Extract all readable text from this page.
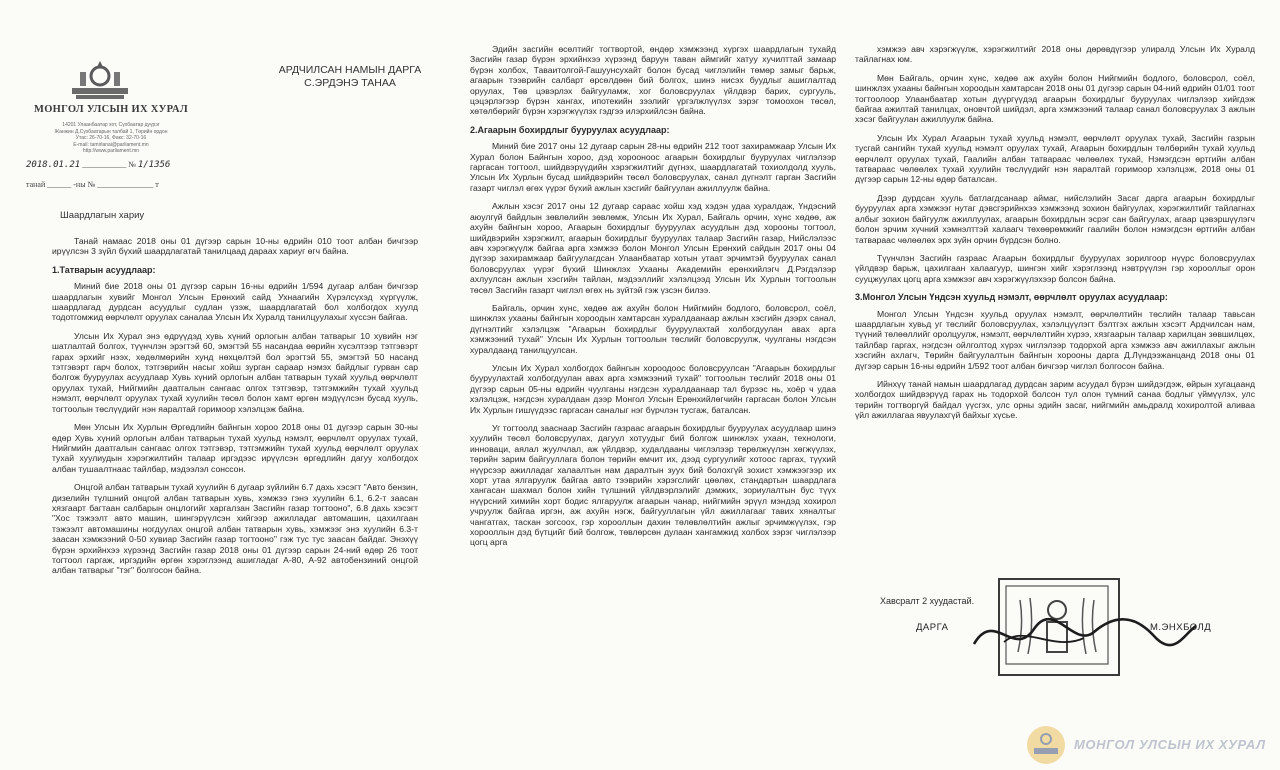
МОНГОЛ УЛСЫН ИХ ХУРАЛ
14201 Улаанбаатар хот, Сүхбаатар дүүрэг
Жанжин Д.Сүхбаатарын талбай 1, Төрийн ордон
Утас: 26-70-16, Факс: 32-70-16
E-mail: tamirlanai@parliament.mn
http://www.parliament.mn
2018.01.21 ___________ № 1/1356
танай ______ -ны № ______________ т
АРДЧИЛСАН НАМЫН ДАРГА
С.ЭРДЭНЭ ТАНАА
Шаардлагын хариу

Танай намаас 2018 оны 01 дүгээр сарын 10-ны өдрийн 010 тоот албан бичгээр ирүүлсэн 3 зүйл бүхий шаардлагатай танилцаад дараах хариуг өгч байна.

1.Татварын асуудлаар:

Миний бие 2018 оны 01 дүгээр сарын 16-ны өдрийн 1/594 дугаар албан бичгээр шаардлагын хувийг Монгол Улсын Ерөнхий сайд Ухнаагийн Хүрэлсүхэд хүргүүлж, шаардлагад дурдсан асуудлыг судлан үзэж, шаардлагатай бол холбогдох хуулд тодотгомжид өөрчлөлт оруулах саналаа Улсын Их Хуралд танилцуулахыг хүссэн байгаа.

Улсын Их Хурал энэ өдрүүдэд хувь хүний орлогын албан татварыг 10 хувийн нэг шатлалтай болгох, түүнчлэн эрэгтэй 60, эмэгтэй 55 насандаа өөрийн хүсэлтээр тэтгэвэрт гарах эрхийг нээх, хөдөлмөрийн хунд нөхцөлтэй бол эрэгтэй 55, эмэгтэй 50 насанд тэтгэвэрт гарч болох, тэтгэврийн насыг хойш зурган сараар нэмэх байдлыг гурван сар болгож бууруулах асуудлаар Хувь хүний орлогын албан татварын тухай хуульд өөрчлөлт оруулах тухай, Нийгмийн даатгалын сангаас олгох тэтгэвэр, тэтгэмжийн тухай хуульд нэмэлт, өөрчлөлт оруулах тухай хуулийн төсөл болон хамт өргөн мэдүүлсэн бусад хууль, тогтоолын төслүүдийг нэн яаралтай горимоор хэлэлцэж байна.

Мөн Улсын Их Хурлын Өргөдлийн байнгын хороо 2018 оны 01 дүгээр сарын 30-ны өдөр Хувь хүний орлогын албан татварын тухай хуульд нэмэлт, өөрчлөлт оруулах тухай, Нийгмийн даатгалын сангаас олгох тэтгэвэр, тэтгэмжийн тухай хуульд өөрчлөлт оруулах тухай хуулиудын хэрэгжилтийн талаар иргэдээс ирүүлсэн өргөдлийн дагуу холбогдох албан тушаалтнаас тайлбар, мэдээлэл сонссон.

Онцгой албан татварын тухай хуулийн 6 дугаар зүйлийн 6.7 дахь хэсэгт "Авто бензин, дизелийн түлшний онцгой албан татварын хувь, хэмжээ гэнэ хуулийн 6.1, 6.2-т заасан хязгаарт багтаан салбарын онцлогийг харгалзан Засгийн газар тогтооно", 6.8 дахь хэсэгт "Хос тэжээлт авто машин, шингэрүүлсэн хийгээр ажилладаг автомашин, цахилгаан тэжээлт автомашины ногдуулах онцгой албан татварын хувь, хэмжээг энэ хуулийн 6.3-т заасан хэмжээний 0-50 хувиар Засгийн газар тогтооно" гэж тус тус заасан байдаг. Энэхүү бүрэн эрхийнхээ хүрээнд Засгийн газар 2018 оны 01 дүгээр сарын 24-ний өдөр 26 тоот тогтоол гаргаж, иргэдийн өргөн хэрэглээнд ашигладаг А-80, А-92 автобензиний онцгой албан татварыг "тэг" болгосон байна.

Эдийн засгийн өсөлтийг тогтвортой, өндөр хэмжээнд хүргэх шаардлагын тухайд Засгийн газар бүрэн эрхийнхээ хүрээнд баруун таван аймгийг хатуу хучилттай замаар бүрэн холбох, Таваитолгой-Гашуунсухайт болон бусад чиглэлийн төмөр замыг барьж, агаарын тээврийн салбарт өрсөлдөөн бий болгох, шинэ нисэх буудлыг ашиглалтад оруулах, Төв цэвэрлэх байгууламж, хог боловсруулах үйлдвэр барих, сургууль, цэцэрлэгээр бүрэн хангах, ипотекийн зээлийг үргэлжлүүлэх зэрэг томоохон төсөл, хөтөлбөрийг бүрэн хэрэгжүүлэх гэдгээ илэрхийлсэн байна.

2.Агаарын бохирдлыг бууруулах асуудлаар:

Миний бие 2017 оны 12 дугаар сарын 28-ны өдрийн 212 тоот захирамжаар Улсын Их Хурал болон Байнгын хороо, дэд хорооноос агаарын бохирдлыг бууруулах чиглэлээр гаргасан тогтоол, шийдвэрүүдийн хэрэгжилтийг дүгнэх, шаардлагатай тохиолдолд хууль, Улсын Их Хурлын бусад шийдвэрийн төсөл боловсруулах, санал дүгнэлт гарган Засгийн газарт чиглэл өгөх үүрэг бүхий ажлын хэсгийг байгуулан ажиллуулж байна.

Ажлын хэсэг 2017 оны 12 дугаар сараас хойш хэд хэдэн удаа хуралдаж, Үндэсний аюулгүй байдлын зөвлөлийн зөвлөмж, Улсын Их Хурал, Байгаль орчин, хүнс хөдөө, аж ахуйн байнгын хороо, Агаарын бохирдлыг бууруулах асуудлын дэд хорооны тогтоол, шийдвэрийн хэрэгжилт, агаарын бохирдлыг бууруулах талаар Засгийн газар, Нийслэлээс авч хэрэгжүүлж байгаа арга хэмжээ болон Монгол Улсын Ерөнхий сайдын 2017 оны 04 дүгээр захирамжаар байгуулагдсан Улаанбаатар хотын утаат эрчимтэй бууруулах санал боловсруулах үүрэг бүхий Шинжлэх Ухааны Академийн ерөнхийлэгч Д.Рэгдэлээр ахлуулсан ажлын хэсгийн тайлан, мэдээллийг хэлэлцээд Улсын Их Хурлын тогтоолын төсөл Засгийн газарт чиглэл өгөх нь зүйтэй гэж үзсэн билээ.

Байгаль, орчин хүнс, хөдөө аж ахуйн болон Нийгмийн бодлого, боловсрол, соёл, шинжлэх ухааны байнгын хороодын хамтарсан хуралдаанаар ажлын хэсгийн дээрх санал, дүгнэлтийг хэлэлцэж "Агаарын бохирдлыг бууруулахтай холбогдуулан авах арга хэмжээний тухай" Улсын Их Хурлын тогтоолын төслийг боловсруулж, чуулганы нэгдсэн хуралдаанд танилцуулсан.

Улсын Их Хурал холбогдох байнгын хороодоос боловсруулсан "Агаарын бохирдлыг бууруулахтай холбогдуулан авах арга хэмжээний тухай" тогтоолын төслийг 2018 оны 01 дүгээр сарын 05-ны өдрийн чуулганы нэгдсэн хуралдаанаар тал бүрээс нь, хоёр ч удаа хэлэлцэж, нэгдсэн хуралдаан дээр Монгол Улсын Ерөнхийлөгчийн гаргасан болон Улсын Их Хурлын гишүүдээс гаргасан саналыг нэг бүрчлэн тусгаж, баталсан.

Уг тогтоолд зааснаар Засгийн газраас агаарын бохирдлыг бууруулах асуудлаар шинэ хуулийн төсөл боловсруулах, дагуул хотуудыг бий болгож шинжлэх ухаан, технологи, инноваци, аялал жуулчлал, аж үйлдвэр, худалдааны чиглэлээр төрөлжүүлэн хөгжүүлэх, төрийн зарим байгууллага болон төрийн өмчит их, дээд сургуулийг хотоос гаргах, түүхий нүүрсээр ажилладаг халаалтын нам даралтын зуух бий болохгүй зохист хэмжээгээр их хорт утаа ялгаруулж байгаа авто тээврийн хэрэгслийг цөөлөх, стандартын шаардлага хангасан шахмал болон хийн түлшний үйлдвэрлэлийг дэмжих, зориулалтын бус түүх нүүрсний химийн хорт бодис ялгаруулж агаарын чанар, нийгмийн эрүүл мэндэд хохирол учруулж байгаа иргэн, аж ахуйн нэгж, байгууллагын үйл ажиллагааг тавих хяналтыг чангатгах, таскан зогсоох, гэр хорооллын дахин төлөвлөлтийн ажлыг эрчимжүүлэх, гэр хорооллын дэд бүтцийг бий болгож, төвлөрсөн дулаан хангамжид холбох зэрэг чиглэлээр цогц арга

хэмжээ авч хэрэгжүүлж, хэрэгжилтийг 2018 оны дөрөвдүгээр улиралд Улсын Их Хуралд тайлагнах юм.

Мөн Байгаль, орчин хүнс, хөдөө аж ахуйн болон Нийгмийн бодлого, боловсрол, соёл, шинжлэх ухааны байнгын хороодын хамтарсан 2018 оны 01 дүгээр сарын 04-ний өдрийн 01/01 тоот тогтоолоор Улаанбаатар хотын дүүргүүдэд агаарын бохирдлыг бууруулах чиглэлээр хийгдэж байгаа ажилтай танилцах, оновчтой шийдэл, арга хэмжээний талаар санал боловсруулах 3 ажлын хэсэг байгуулан ажиллуулж байна.

Улсын Их Хурал Агаарын тухай хуульд нэмэлт, өөрчлөлт оруулах тухай, Засгийн газрын тусгай сангийн тухай хуульд нэмэлт оруулах тухай, Агаарын бохирдлын төлбөрийн тухай хуульд өөрчлөлт оруулах тухай, Гаалийн албан татвараас чөлөөлөх тухай, Нэмэгдсэн өртгийн албан татвараас чөлөөлөх тухай хуулийн төслүүдийг нэн яаралтай горимоор хэлэлцэж, 2018 оны 01 дүгээр сарын 12-ны өдөр баталсан.

Дээр дурдсан хууль батлагдсанаар аймаг, нийслэлийн Засаг дарга агаарын бохирдлыг бууруулах арга хэмжээг нутаг дэвсгэрийнхээ хэмжээнд зохион байгуулах, хэрэгжилтийг тайлагнах албыг зохион байгуулж ажиллуулах, агаарын бохирдлын эсрэг сан байгуулах, агаар цэвэршүүлэгч болон эрчим хүчний хэмнэлттэй халаагч төхөөрөмжийг гаалийн болон нэмэгдсэн өртгийн албан татвараас чөлөөлөх эрх зүйн орчин бүрдсэн болно.

Түүнчлэн Засгийн газраас Агаарын бохирдлыг бууруулах зорилгоор нүүрс боловсруулах үйлдвэр барьж, цахилгаан халаагуур, шингэн хийг хэрэглээнд нэвтрүүлэн гэр хорооллыг орон сууцжуулах цогц арга хэмжээг авч хэрэгжүүлэхээр болсон байна.

3.Монгол Улсын Үндсэн хуульд нэмэлт, өөрчлөлт оруулах асуудлаар:

Монгол Улсын Үндсэн хуульд оруулах нэмэлт, өөрчлөлтийн төслийн талаар тавьсан шаардлагын хувьд уг төслийг боловсруулах, хэлэлцүүлэгт бэлтгэх ажлын хэсэгт Ардчилсан нам, түүний төлөөллийг оролцуулж, нэмэлт, өөрчлөлтийн хүрээ, хязгаарын талаар харилцан зөвшилцөх, тайлбар гаргах, нэгдсэн ойлголтод хүрэх чиглэлээр тодорхой арга хэмжээ авч ажиллахыг ажлын хэсгийн ахлагч, Төрийн байгуулалтын байнгын хорооны дарга Д.Лүндээжанцанд 2018 оны 01 дүгээр сарын 16-ны өдрийн 1/592 тоот албан бичгээр чиглэл болгосон байна.

Ийнхүү танай намын шаардлагад дурдсан зарим асуудал бүрэн шийдэгдэж, өйрын хугацаанд холбогдох шийдвэрүүд гарах нь тодорхой болсон тул олон түмний санаа бодлыг үймүүлэх, улс төрийн тогтворгүй байдал үүсгэх, улс орны эдийн засаг, нийгмийн амьдралд хохиролтой аливаа үйл ажиллагаа явуулахгүй байхыг хүсье.

Хавсралт 2 хуудастай.
ДАРГА	М.ЭНХБОЛД
МОНГОЛ УЛСЫН ИХ ХУРАЛ
